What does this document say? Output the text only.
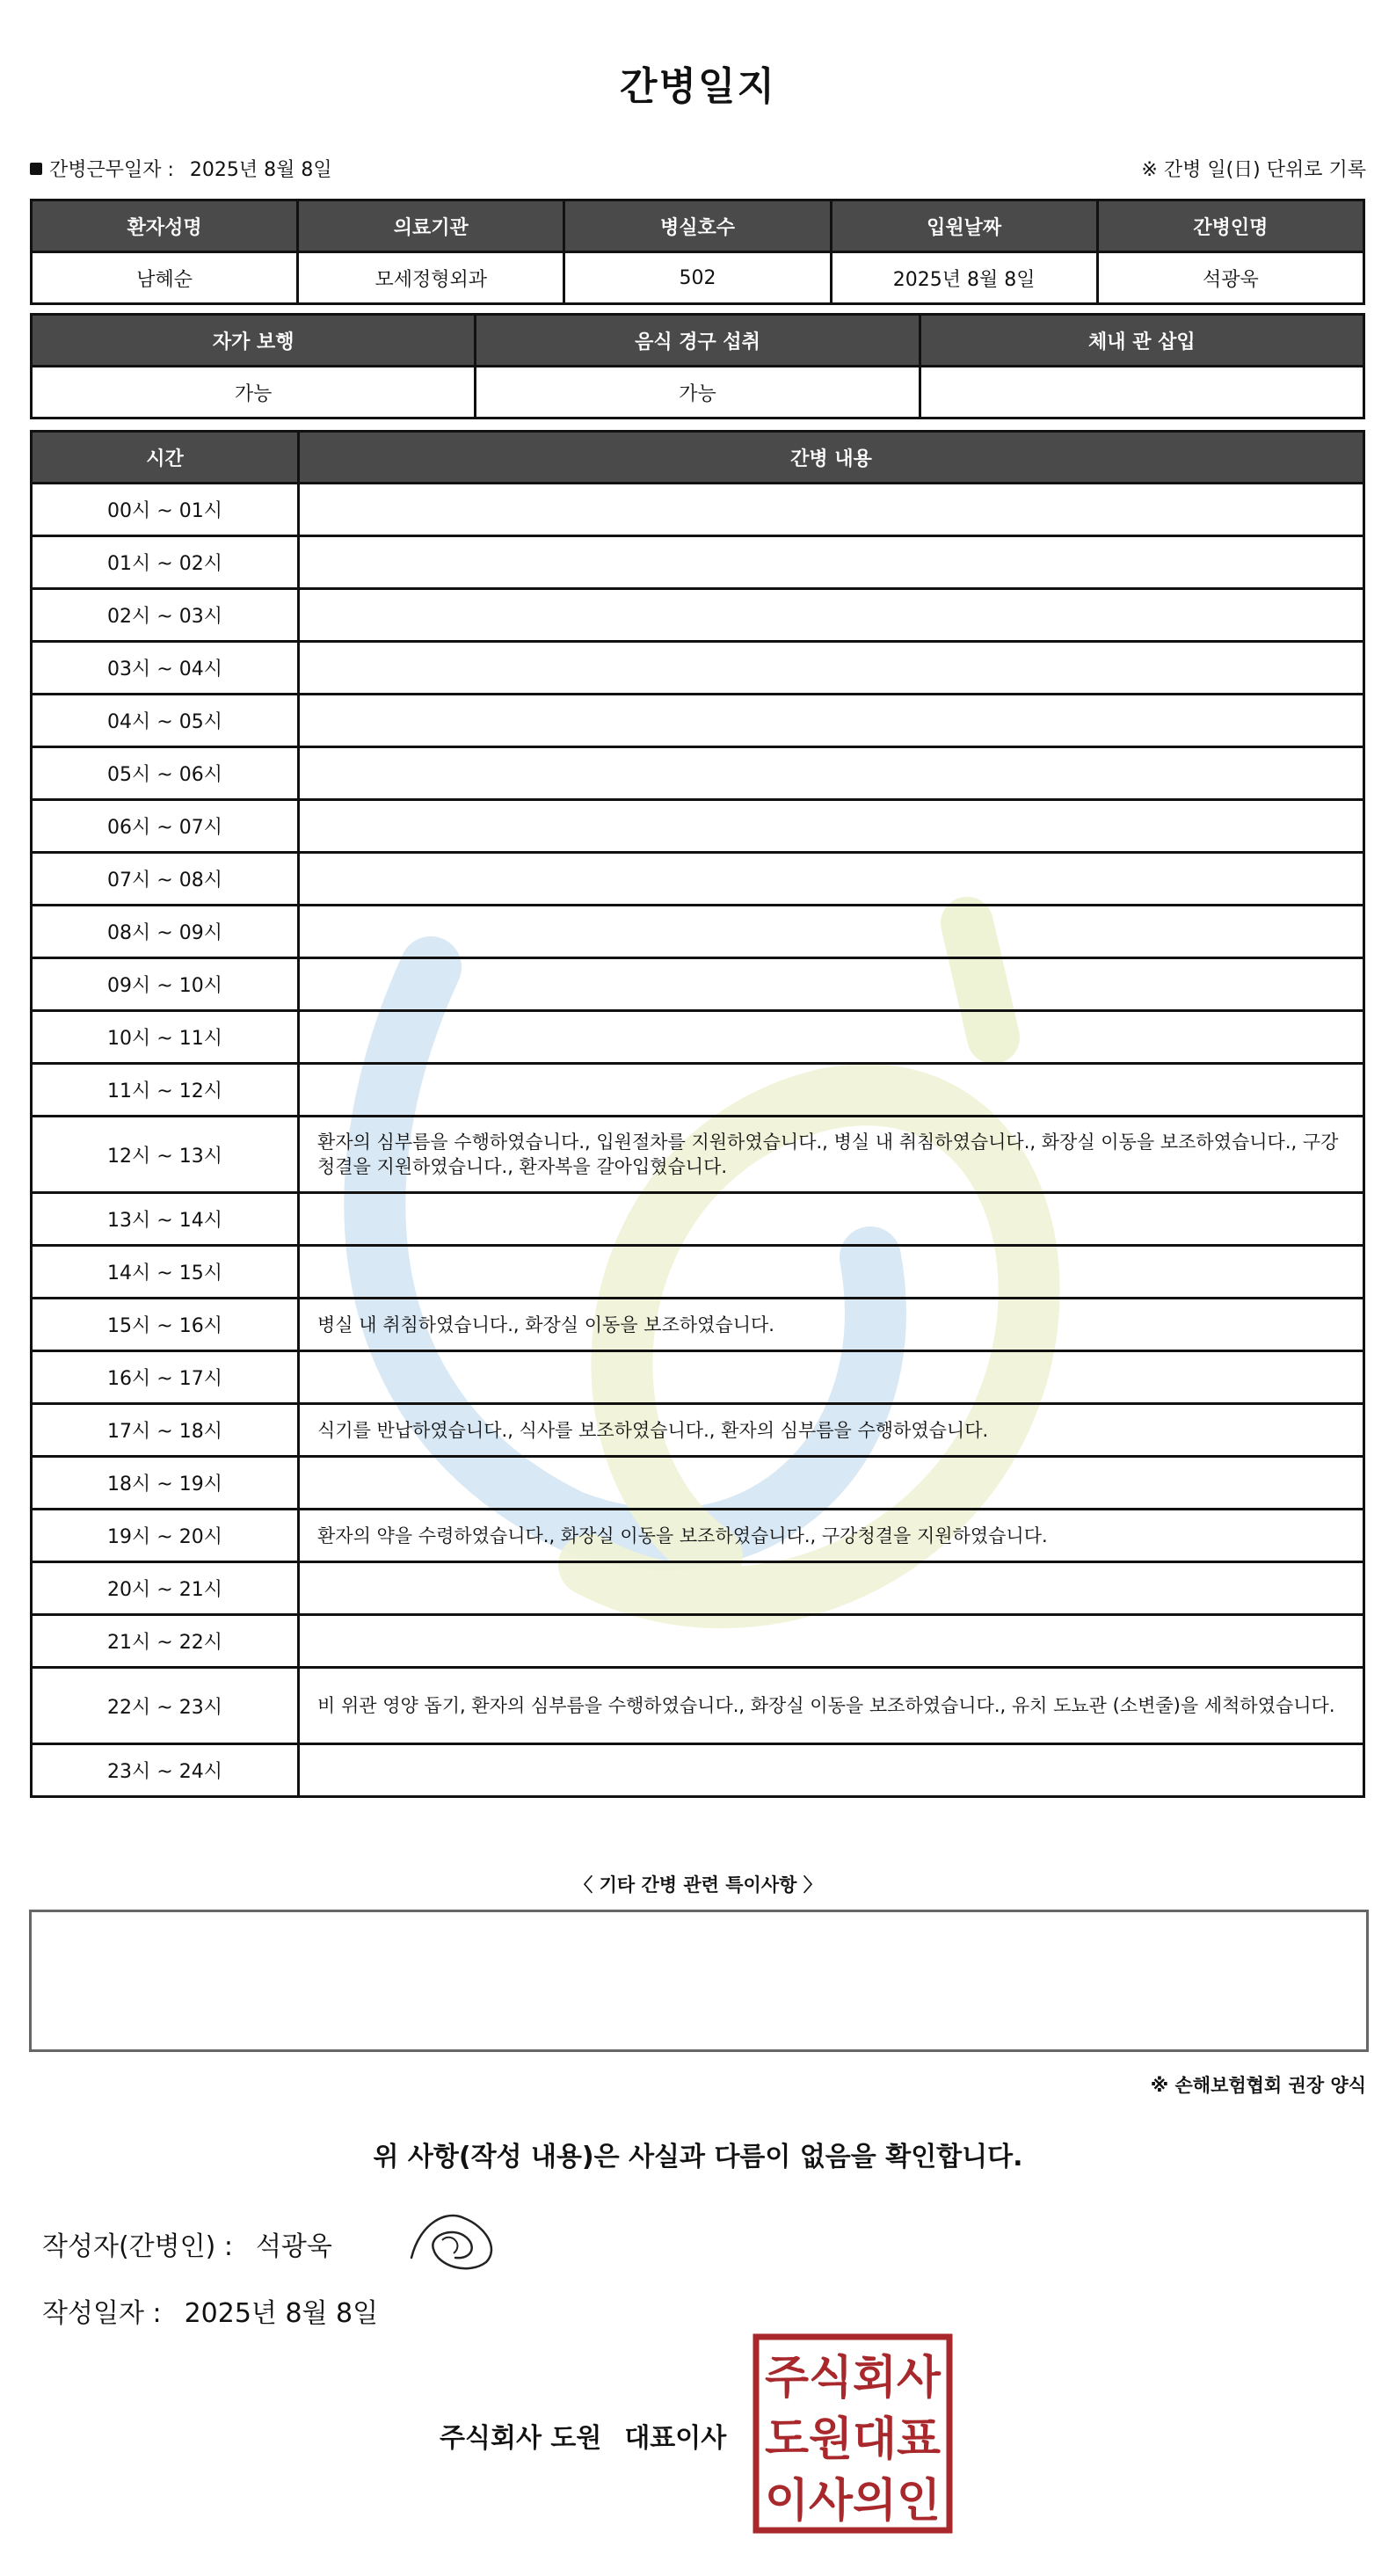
간병일지
간병근무일자 : 2025년 8월 8일	※ 간병 일(日) 단위로 기록
환자성명	의료기관	병실호수	입원날짜	간병인명
남혜순	모세정형외과	502	2025년 8월 8일	석광욱
자가 보행	음식 경구 섭취	체내 관 삽입
가능	가능	
시간	간병 내용
00시 ~ 01시	
01시 ~ 02시	
02시 ~ 03시	
03시 ~ 04시	
04시 ~ 05시	
05시 ~ 06시	
06시 ~ 07시	
07시 ~ 08시	
08시 ~ 09시	
09시 ~ 10시	
10시 ~ 11시	
11시 ~ 12시	
12시 ~ 13시	환자의 심부름을 수행하였습니다., 입원절차를 지원하였습니다., 병실 내 취침하였습니다., 화장실 이동을 보조하였습니다., 구강청결을 지원하였습니다., 환자복을 갈아입혔습니다.
13시 ~ 14시	
14시 ~ 15시	
15시 ~ 16시	병실 내 취침하였습니다., 화장실 이동을 보조하였습니다.
16시 ~ 17시	
17시 ~ 18시	식기를 반납하였습니다., 식사를 보조하였습니다., 환자의 심부름을 수행하였습니다.
18시 ~ 19시	
19시 ~ 20시	환자의 약을 수령하였습니다., 화장실 이동을 보조하였습니다., 구강청결을 지원하였습니다.
20시 ~ 21시	
21시 ~ 22시	
22시 ~ 23시	비 위관 영양 돕기, 환자의 심부름을 수행하였습니다., 화장실 이동을 보조하였습니다., 유치 도뇨관 (소변줄)을 세척하였습니다.
23시 ~ 24시	
〈 기타 간병 관련 특이사항 〉
※ 손해보험협회 권장 양식
위 사항(작성 내용)은 사실과 다름이 없음을 확인합니다.
작성자(간병인) : 석광욱
작성일자 : 2025년 8월 8일
주식회사 도원 대표이사
주식회사
도원대표
이사의인
